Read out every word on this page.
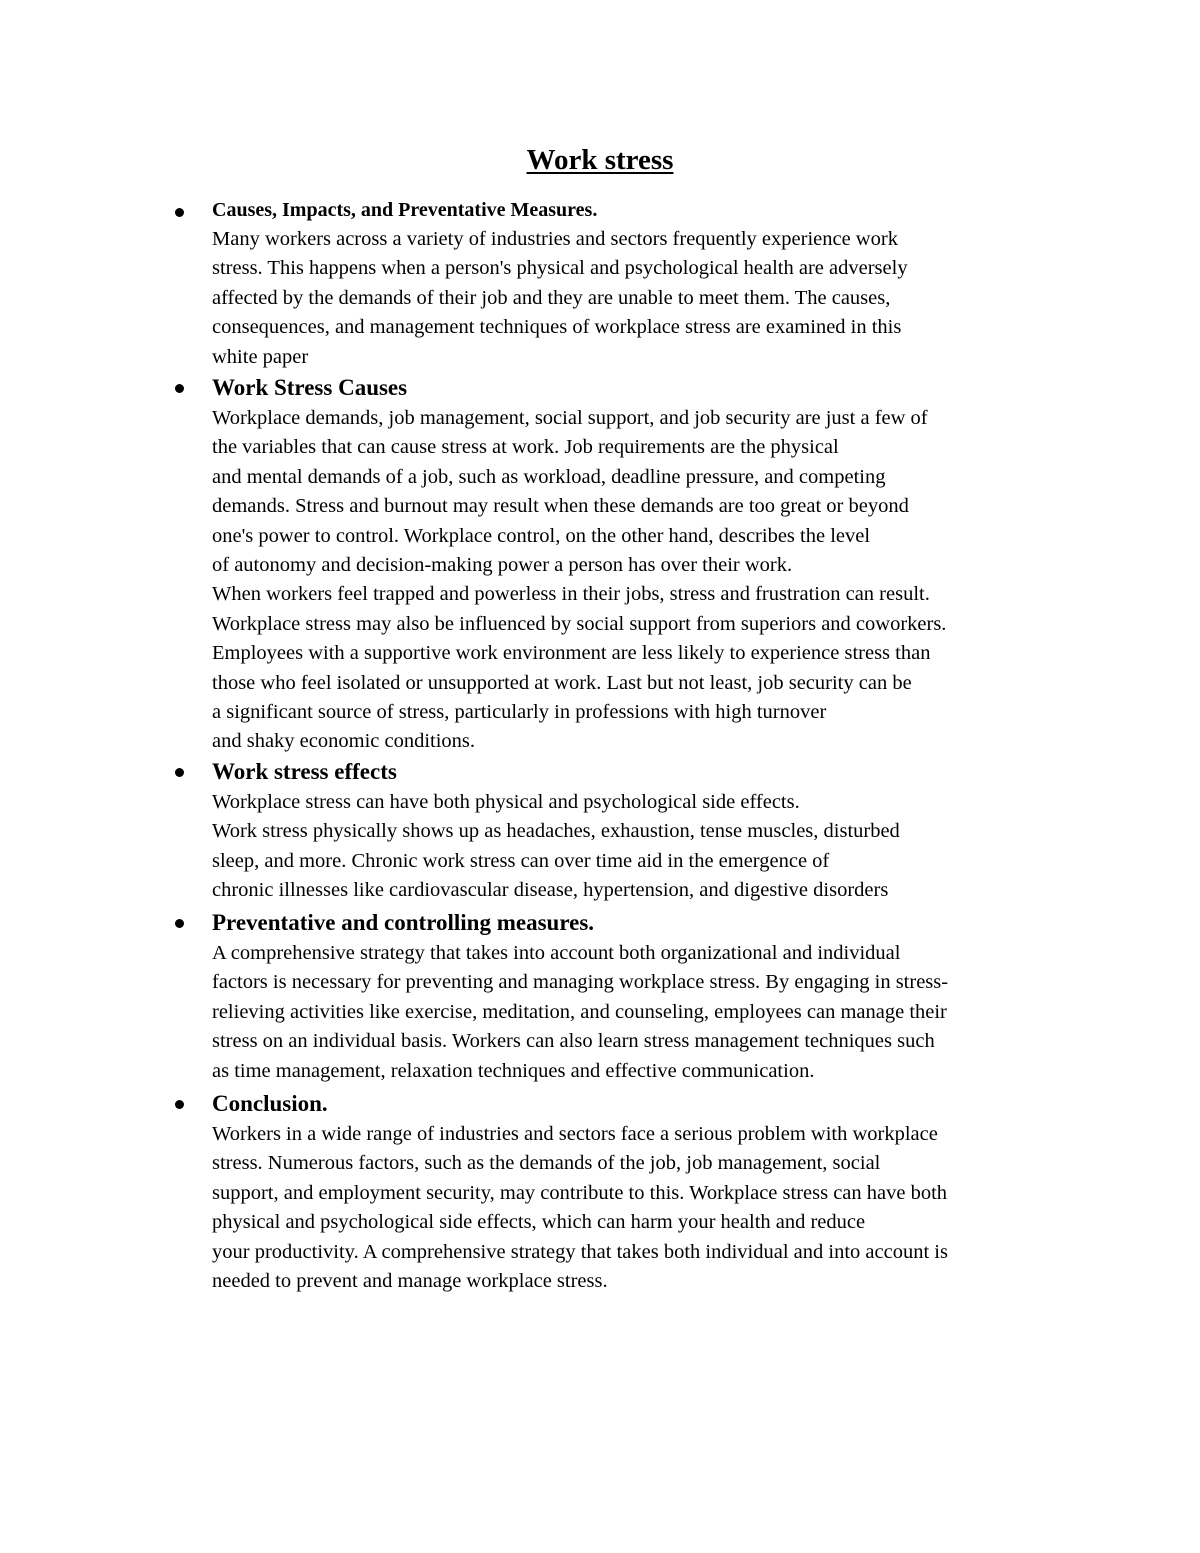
Work stress
Causes, Impacts, and Preventative Measures.
Many workers across a variety of industries and sectors frequently experience work
stress. This happens when a person's physical and psychological health are adversely
affected by the demands of their job and they are unable to meet them. The causes,
consequences, and management techniques of workplace stress are examined in this
white paper
Work Stress Causes
Workplace demands, job management, social support, and job security are just a few of
the variables that can cause stress at work. Job requirements are the physical
and mental demands of a job, such as workload, deadline pressure, and competing
demands. Stress and burnout may result when these demands are too great or beyond
one's power to control. Workplace control, on the other hand, describes the level
of autonomy and decision-making power a person has over their work.
When workers feel trapped and powerless in their jobs, stress and frustration can result.
Workplace stress may also be influenced by social support from superiors and coworkers.
Employees with a supportive work environment are less likely to experience stress than
those who feel isolated or unsupported at work. Last but not least, job security can be
a significant source of stress, particularly in professions with high turnover
and shaky economic conditions.
Work stress effects
Workplace stress can have both physical and psychological side effects.
Work stress physically shows up as headaches, exhaustion, tense muscles, disturbed
sleep, and more. Chronic work stress can over time aid in the emergence of
chronic illnesses like cardiovascular disease, hypertension, and digestive disorders
Preventative and controlling measures.
A comprehensive strategy that takes into account both organizational and individual
factors is necessary for preventing and managing workplace stress. By engaging in stress-
relieving activities like exercise, meditation, and counseling, employees can manage their
stress on an individual basis. Workers can also learn stress management techniques such
as time management, relaxation techniques and effective communication.
Conclusion.
Workers in a wide range of industries and sectors face a serious problem with workplace
stress. Numerous factors, such as the demands of the job, job management, social
support, and employment security, may contribute to this. Workplace stress can have both
physical and psychological side effects, which can harm your health and reduce
your productivity. A comprehensive strategy that takes both individual and into account is
needed to prevent and manage workplace stress.
